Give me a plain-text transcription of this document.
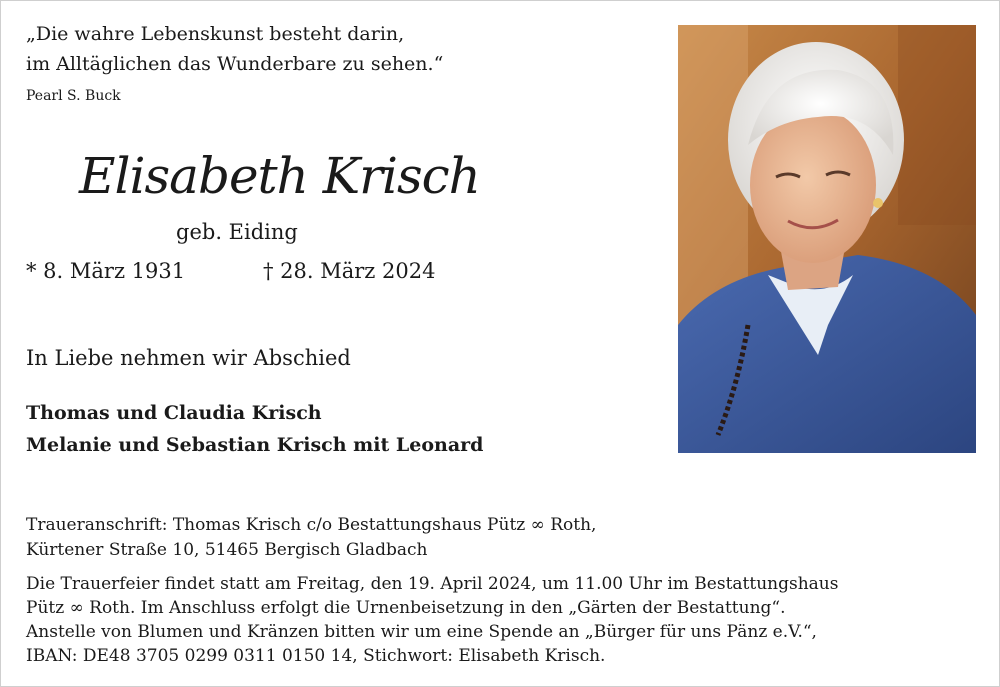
„Die wahre Lebenskunst besteht darin,
im Alltäglichen das Wunderbare zu sehen.“
Pearl S. Buck
Elisabeth Krisch
geb. Eiding
* 8. März 1931	† 28. März 2024
In Liebe nehmen wir Abschied
Thomas und Claudia Krisch
Melanie und Sebastian Krisch mit Leonard
Traueranschrift: Thomas Krisch c/o Bestattungshaus Pütz ∞ Roth,
Kürtener Straße 10, 51465 Bergisch Gladbach
Die Trauerfeier findet statt am Freitag, den 19. April 2024, um 11.00 Uhr im Bestattungshaus
Pütz ∞ Roth. Im Anschluss erfolgt die Urnenbeisetzung in den „Gärten der Bestattung“.
Anstelle von Blumen und Kränzen bitten wir um eine Spende an „Bürger für uns Pänz e.V.“,
IBAN: DE48 3705 0299 0311 0150 14, Stichwort: Elisabeth Krisch.
